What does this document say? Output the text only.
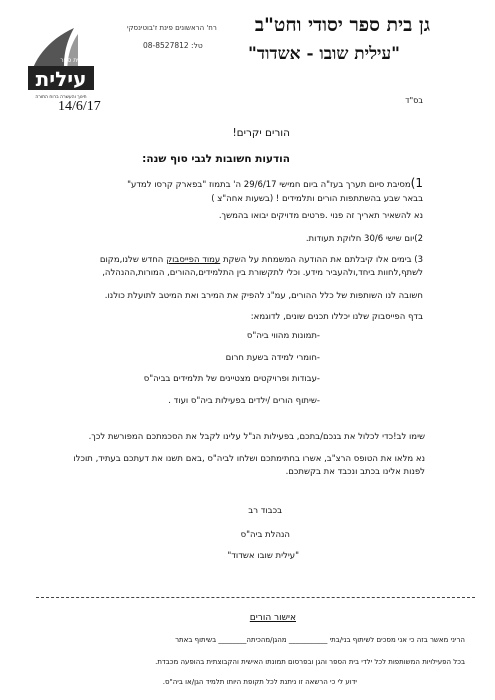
בית ספר
עילית
חינוך והעשרה ברוח התורה
14/6/17
גן בית ספר יסודי וחט"ב
"עילית שובו - אשדוד"
רח' הראשונים פינת ז'בוטינסקי
טל: 08-8527812
בס"ד
הורים יקרים!
הודעות חשובות לגבי סוף שנה:
1)מסיבת סיום תערך בעז"ה ביום חמישי 29/6/17 ה' בתמוז "בפארק קרסו למדע"
בבאר שבע בהשתתפות הורים ותלמידים ! (בשעות אחה"צ )
נא להשאיר תאריך זה פנוי .פרטים מדויקים יבואו בהמשך.
2)יום שישי 30/6 חלוקת תעודות.
3) בימים אלו קיבלתם את ההודעה המשמחת על השקת עמוד הפייסבוק החדש שלנו,מקום
לשתף,לחוות ביחד,ולהעביר מידע. וכלי לתקשורת בין התלמידים,ההורים, המורות,ההנהלה,
חשובה לנו השותפות של כלל ההורים, עמ"נ להפיק את המירב ואת המיטב לתועלת כולנו.
בדף הפייסבוק שלנו יכללו תכנים שונים, לדוגמא:
-תמונות מהווי ביה"ס
-חומרי למידה בשעת חרום
-עבודות ופרויקטים מצטיינים של תלמידים בביה"ס
-שיתוף הורים /ילדים בפעילות ביה"ס ועוד .
שימו לב!כדי לכלול את בנכם/בתכם, בפעילות הנ"ל עלינו לקבל את הסכמתכם המפורשת לכך.
נא מלאו את הטופס הרצ"ב, אשרו בחתימתכם ושלחו לביה"ס ,באם תשנו את דעתכם בעתיד, תוכלו
לפנות אלינו בכתב ונכבד את בקשתכם.
בכבוד רב
הנהלת ביה"ס
"עילית שובו אשדוד"
אישור הורים
הריני מאשר בזה כי אני מסכים לשיתוף בני/בתי ___________ מהגן/מהכיתה________ בשיתוף באתר
בכל הפעילויות המשותפות לכל ילדי בית הספר והגן ובפרסום תמונתו האישית והקבוצתית בהופעה מכבדת.
ידוע לי כי הרשאה זו ניתנת לכל תקופת היותו תלמיד הגן/או ביה"ס.
